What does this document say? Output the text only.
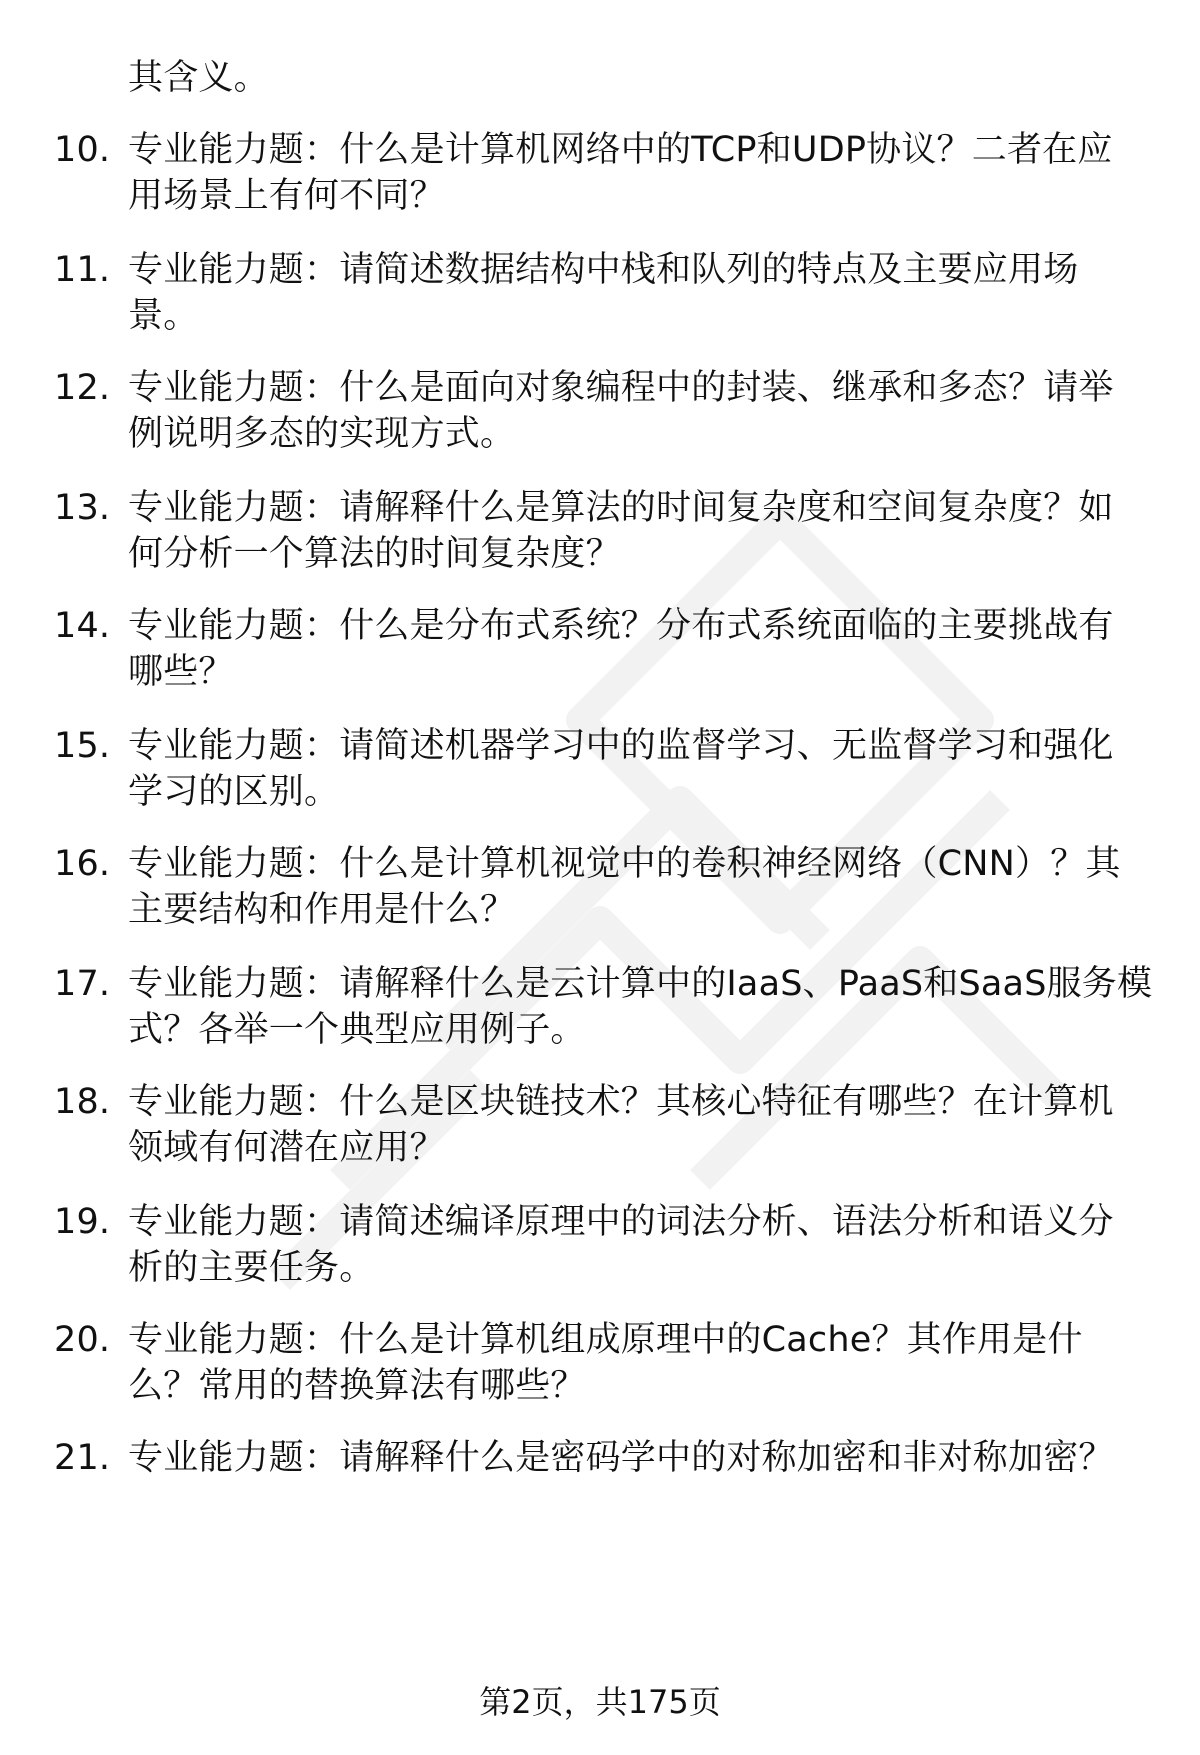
其含义。
10. 专业能力题：什么是计算机网络中的TCP和UDP协议？二者在应
用场景上有何不同？
11. 专业能力题：请简述数据结构中栈和队列的特点及主要应用场
景。
12. 专业能力题：什么是面向对象编程中的封装、继承和多态？请举
例说明多态的实现方式。
13. 专业能力题：请解释什么是算法的时间复杂度和空间复杂度？如
何分析一个算法的时间复杂度？
14. 专业能力题：什么是分布式系统？分布式系统面临的主要挑战有
哪些？
15. 专业能力题：请简述机器学习中的监督学习、无监督学习和强化
学习的区别。
16. 专业能力题：什么是计算机视觉中的卷积神经网络（CNN）？其
主要结构和作用是什么？
17. 专业能力题：请解释什么是云计算中的IaaS、PaaS和SaaS服务模
式？各举一个典型应用例子。
18. 专业能力题：什么是区块链技术？其核心特征有哪些？在计算机
领域有何潜在应用？
19. 专业能力题：请简述编译原理中的词法分析、语法分析和语义分
析的主要任务。
20. 专业能力题：什么是计算机组成原理中的Cache？其作用是什
么？常用的替换算法有哪些？
21. 专业能力题：请解释什么是密码学中的对称加密和非对称加密？
第2页，共175页
